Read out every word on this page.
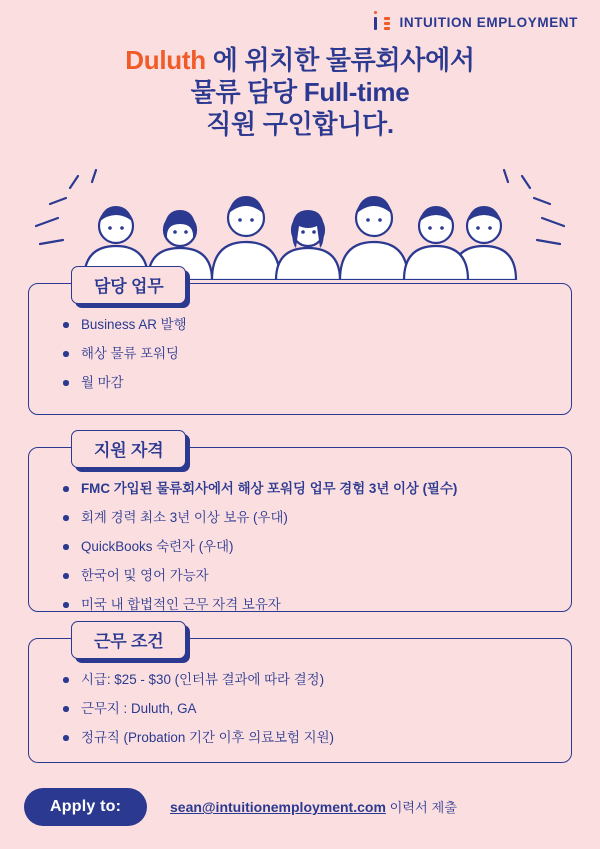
INTUITION EMPLOYMENT
Duluth 에 위치한 물류회사에서
물류 담당 Full-time
직원 구인합니다.
담당 업무
Business AR 발행
해상 물류 포워딩
월 마감
지원 자격
FMC 가입된 물류회사에서 해상 포워딩 업무 경험 3년 이상 (필수)
회계 경력 최소 3년 이상 보유 (우대)
QuickBooks 숙련자 (우대)
한국어 및 영어 가능자
미국 내 합법적인 근무 자격 보유자
근무 조건
시급: $25 - $30 (인터뷰 결과에 따라 결정)
근무지 : Duluth, GA
정규직 (Probation 기간 이후 의료보험 지원)
Apply to:	sean@intuitionemployment.com 이력서 제출
